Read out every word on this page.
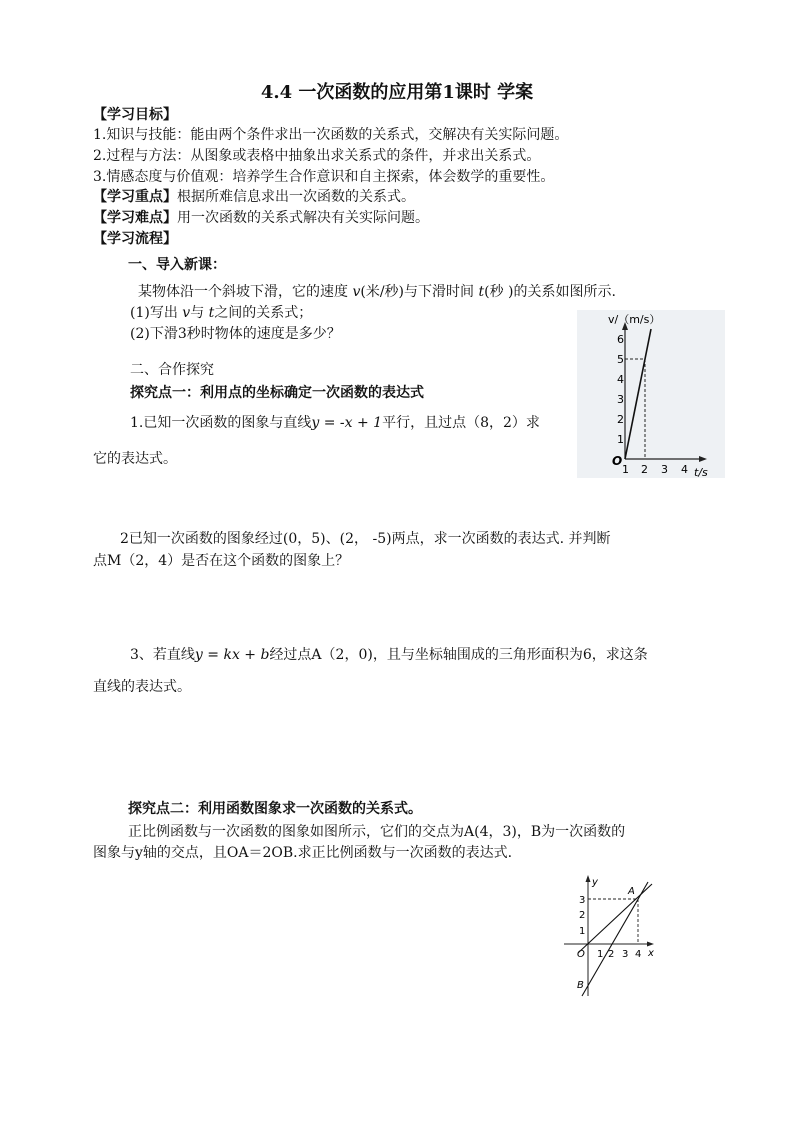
4.4 一次函数的应用第1课时 学案
【学习目标】
1.知识与技能：能由两个条件求出一次函数的关系式，交解决有关实际问题。
2.过程与方法：从图象或表格中抽象出求关系式的条件，并求出关系式。
3.情感态度与价值观：培养学生合作意识和自主探索，体会数学的重要性。
【学习重点】根据所难信息求出一次函数的关系式。
【学习难点】用一次函数的关系式解决有关实际问题。
【学习流程】
一、导入新课：
某物体沿一个斜坡下滑，它的速度 v(米/秒)与下滑时间 t(秒 )的关系如图所示.
(1)写出 v与 t之间的关系式；
(2)下滑3秒时物体的速度是多少？
二、合作探究
探究点一：利用点的坐标确定一次函数的表达式
1.已知一次函数的图象与直线y = -x + 1平行，且过点（8，2）求
它的表达式。
2已知一次函数的图象经过(0，5)、(2， -5)两点，求一次函数的表达式. 并判断
点M（2，4）是否在这个函数的图象上？
3、若直线y = kx + b经过点A（2，0)，且与坐标轴围成的三角形面积为6，求这条
直线的表达式。
探究点二：利用函数图象求一次函数的关系式。
正比例函数与一次函数的图象如图所示，它们的交点为A(4，3)，B为一次函数的
图象与y轴的交点，且OA＝2OB.求正比例函数与一次函数的表达式.
v/（m/s）
t/s
O
1
2
3
4
5
6
1 2 3 4
y
x
O
1
2
3
1 2 3 4
A
B
